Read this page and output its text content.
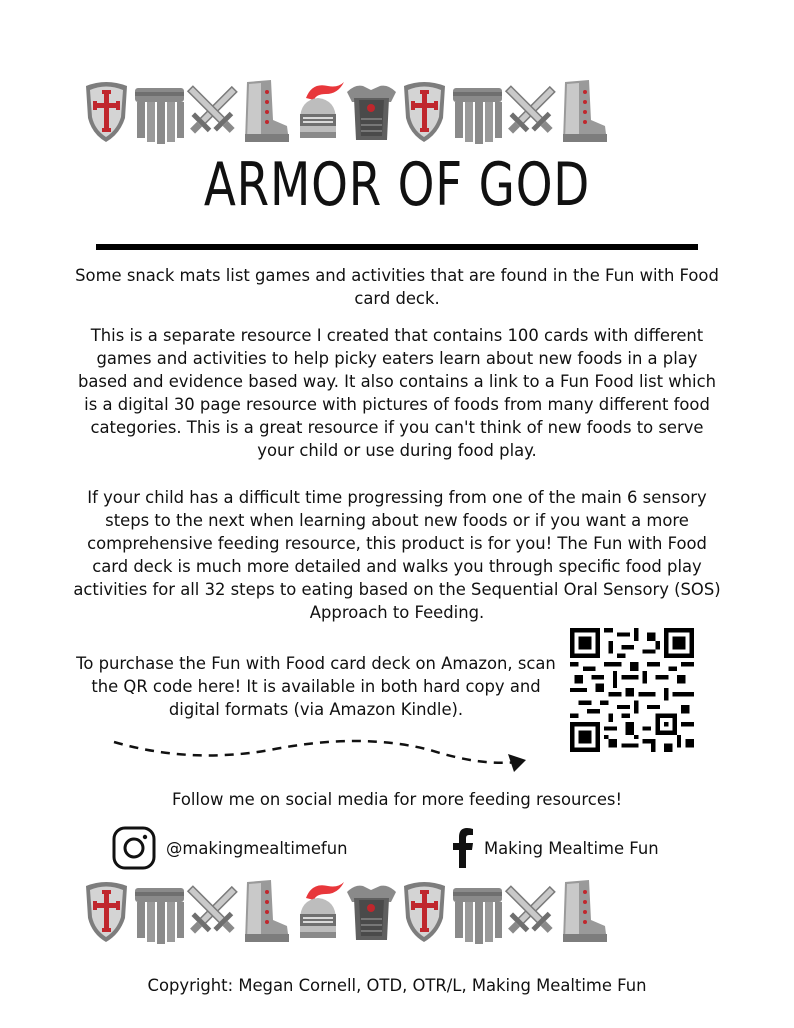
ARMOR OF GOD

Some snack mats list games and activities that are found in the Fun with Food card deck.

This is a separate resource I created that contains 100 cards with different games and activities to help picky eaters learn about new foods in a play based and evidence based way. It also contains a link to a Fun Food list which is a digital 30 page resource with pictures of foods from many different food categories. This is a great resource if you can't think of new foods to serve your child or use during food play.

If your child has a difficult time progressing from one of the main 6 sensory steps to the next when learning about new foods or if you want a more comprehensive feeding resource, this product is for you! The Fun with Food card deck is much more detailed and walks you through specific food play activities for all 32 steps to eating based on the Sequential Oral Sensory (SOS) Approach to Feeding.

To purchase the Fun with Food card deck on Amazon, scan the QR code here! It is available in both hard copy and digital formats (via Amazon Kindle).

Follow me on social media for more feeding resources!

@makingmealtimefun	Making Mealtime Fun

Copyright: Megan Cornell, OTD, OTR/L, Making Mealtime Fun
